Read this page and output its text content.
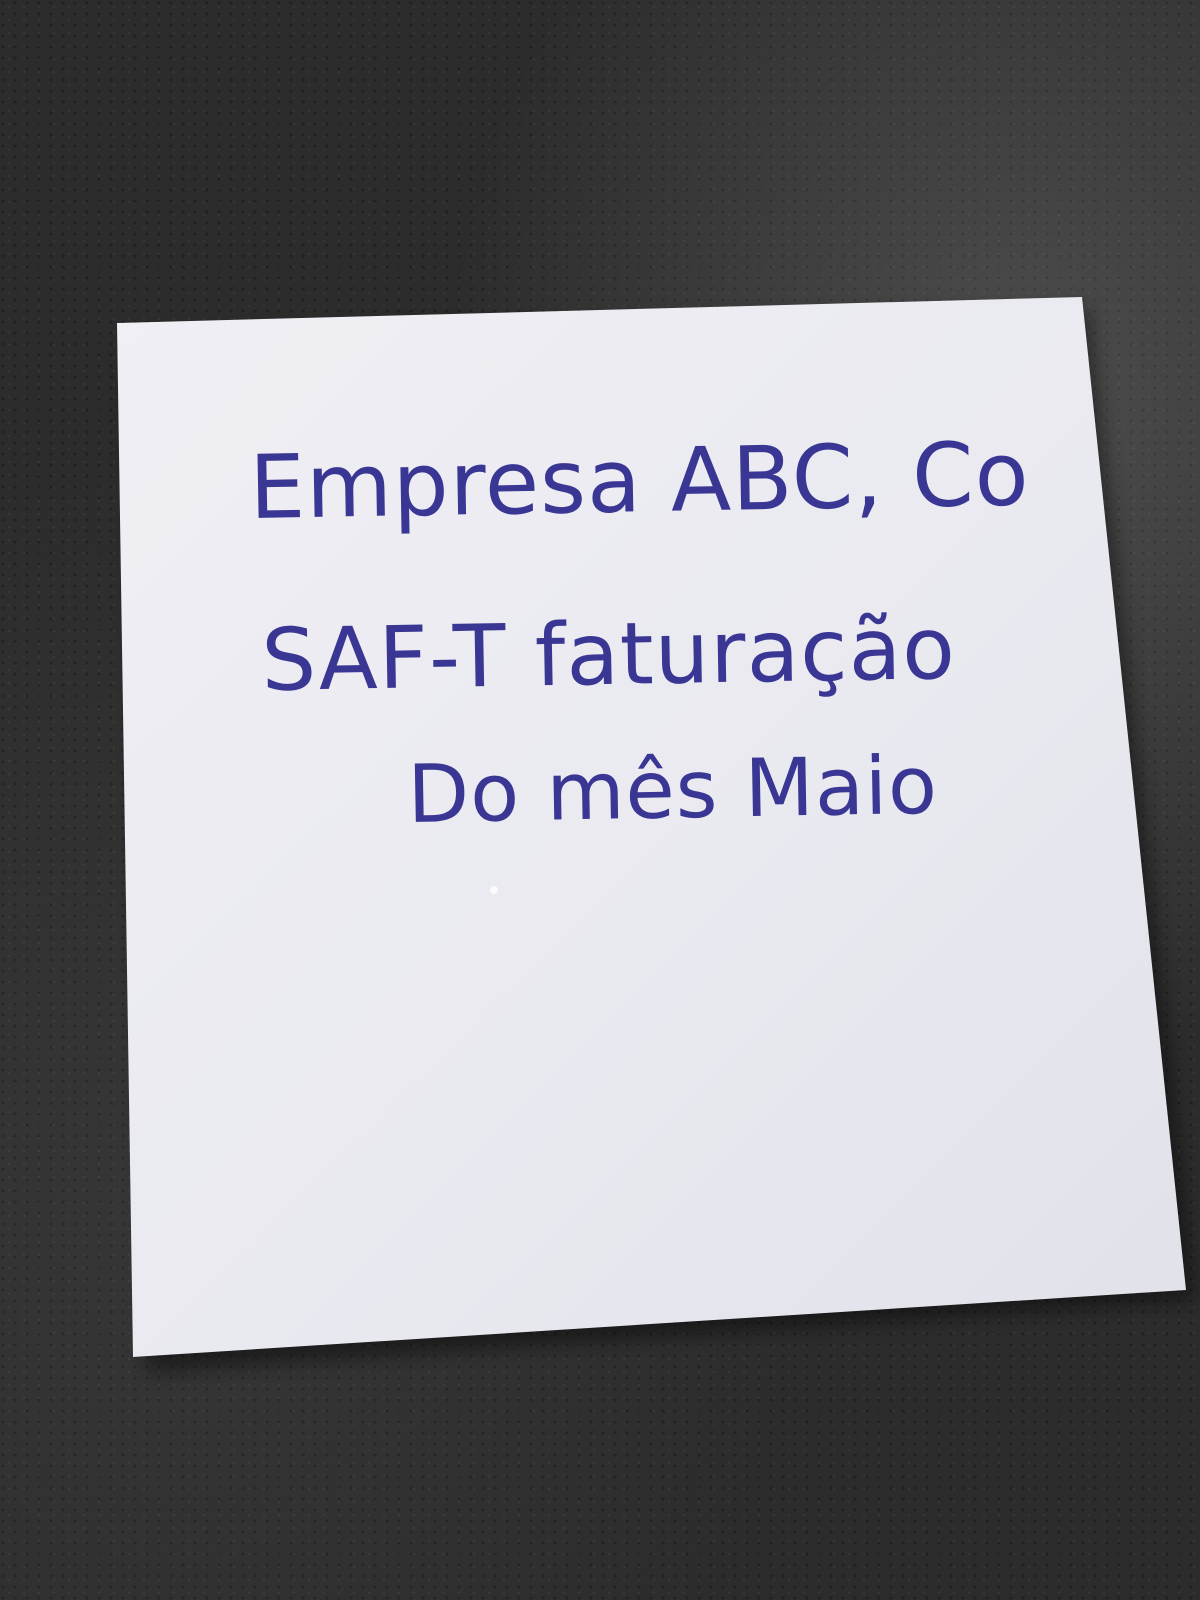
Empresa ABC, Co
SAF-T faturação
Do mês Maio
